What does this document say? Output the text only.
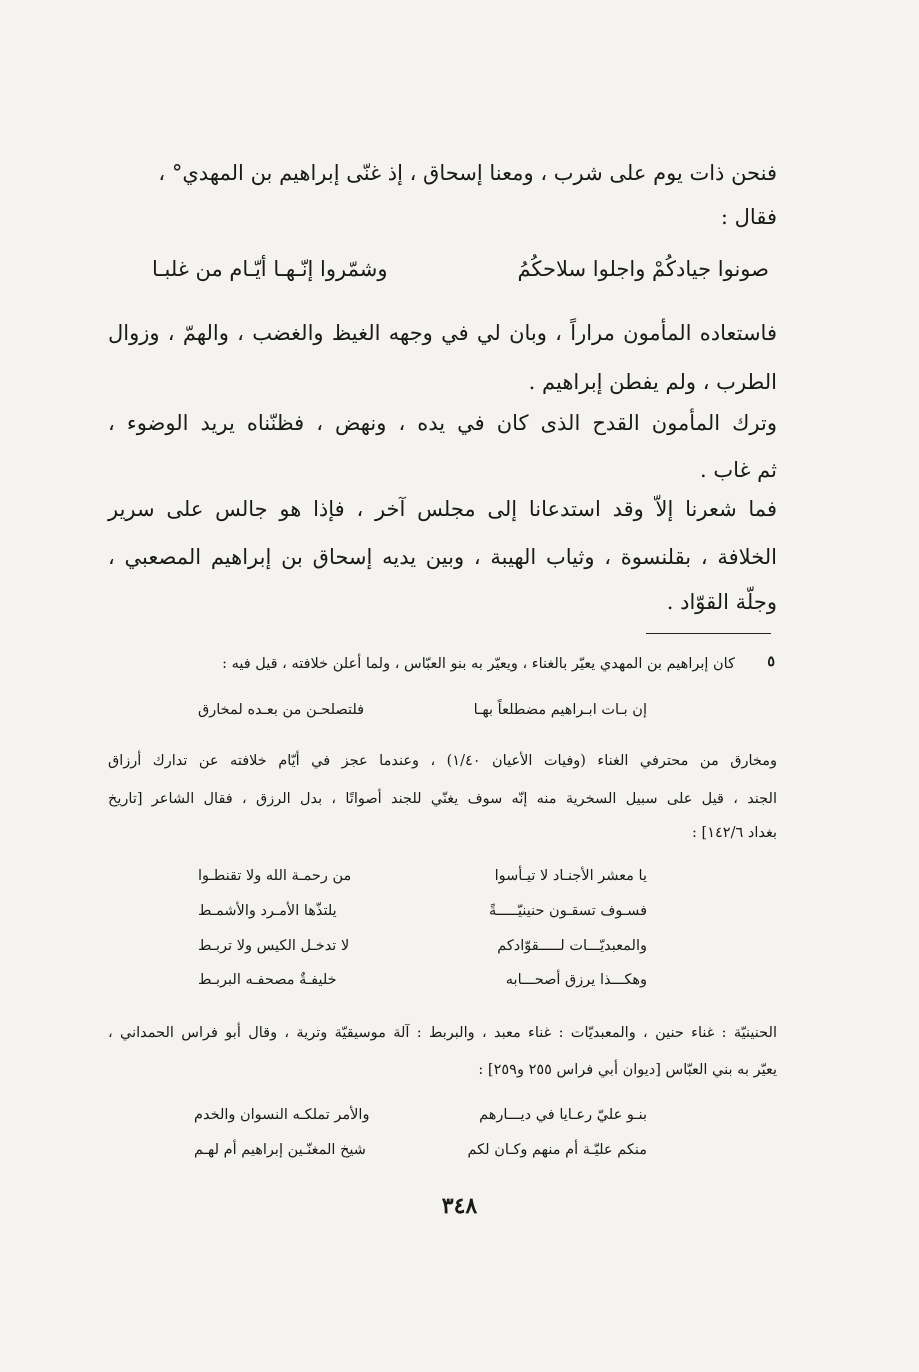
فنحن ذات يوم على شرب ، ومعنا إسحاق ، إذ غنّى إبراهيم بن المهدي° ،
فقال :
صونوا جيادكُمْ واجلوا سلاحكُمُ
وشمّروا إنّـهـا أيّـام من غلبـا
فاستعاده المأمون مراراً ، وبان لي في وجهه الغيظ والغضب ، والهمّ ، وزوال
الطرب ، ولم يفطن إبراهيم .
وترك المأمون القدح الذى كان في يده ، ونهض ، فظنّناه يريد الوضوء ،
ثم غاب .
فما شعرنا إلاّ وقد استدعانا إلى مجلس آخر ، فإذا هو جالس على سرير
الخلافة ، بقلنسوة ، وثياب الهيبة ، وبين يديه إسحاق بن إبراهيم المصعبي ،
وجلّة القوّاد .
٥
كان إبراهيم بن المهدي يعيّر بالغناء ، ويعيّر به بنو العبّاس ، ولما أعلن خلافته ، قيل فيه :
إن بـات ابـراهيم مضطلعاً بهـا
فلتصلحـن من بعـده لمخارق
ومخارق من محترفي الغناء (وفيات الأعيان ١/٤٠) ، وعندما عجز في أيّام خلافته عن تدارك أرزاق
الجند ، قيل على سبيل السخرية منه إنّه سوف يغنّي للجند أصواتًا ، بدل الرزق ، فقال الشاعر [تاريخ
بغداد ١٤٢/٦] :
يا معشر الأجنـاد لا تيـأسوا
من رحمـة الله ولا تقنطـوا
فسـوف تسقـون حنينيّـــــةً
يلتذّها الأمـرد والأشمـط
والمعبديّـــات لـــــقوّادكم
لا تدخـل الكيس ولا تربـط
وهكـــذا يرزق أصحـــابه
خليفـةٌ مصحفـه البربـط
الحنينيّة : غناء حنين ، والمعبديّات : غناء معبد ، والبربط : آلة موسيقيّة وترية ، وقال أبو فراس الحمداني ،
يعيّر به بني العبّاس [ديوان أبي فراس ٢٥٥ و٢٥٩] :
بنـو عليّ رعـايا في ديـــارهم
والأمر تملكـه النسوان والخدم
منكم عليّـة أم منهم وكـان لكم
شيخ المغنّـين إبراهيم أم لهـم
٣٤٨
